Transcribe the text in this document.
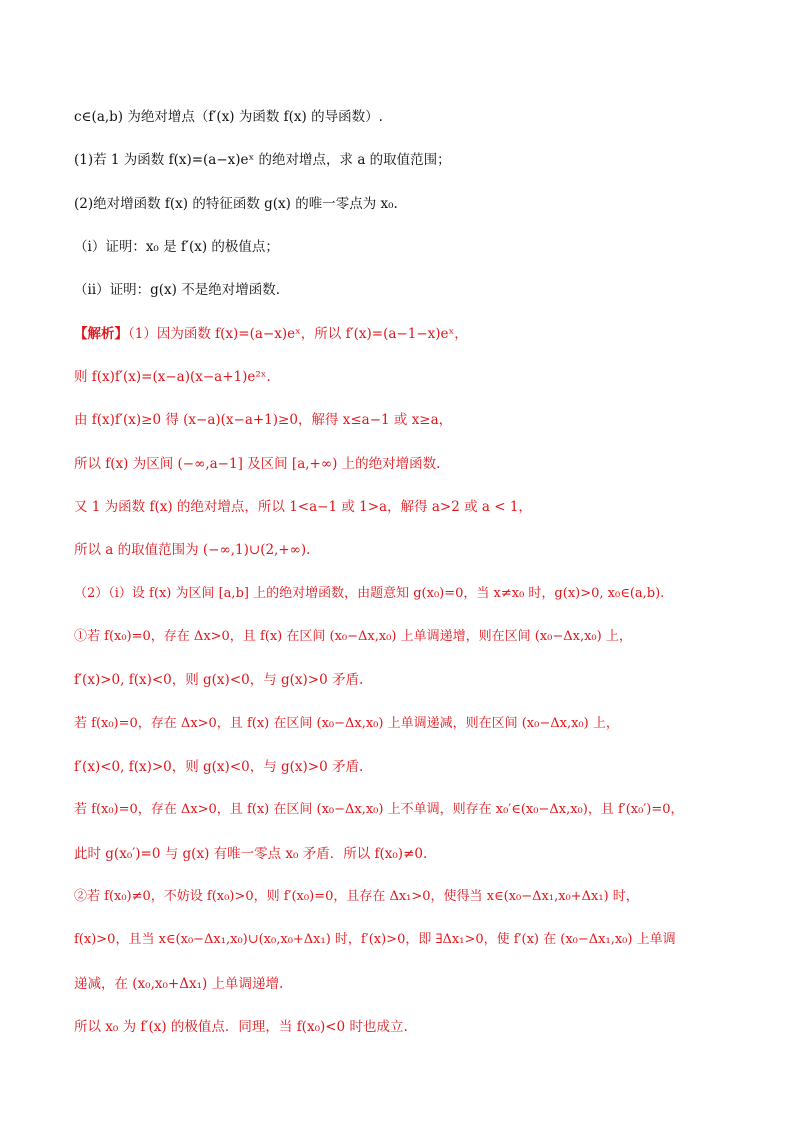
c∈(a,b) 为绝对增点（f′(x) 为函数 f(x) 的导函数）.
(1)若 1 为函数 f(x)=(a−x)eˣ 的绝对增点，求 a 的取值范围；
(2)绝对增函数 f(x) 的特征函数 g(x) 的唯一零点为 x₀.
（ⅰ）证明：x₀ 是 f′(x) 的极值点；
（ⅱ）证明：g(x) 不是绝对增函数.
【解析】（1）因为函数 f(x)=(a−x)eˣ，所以 f′(x)=(a−1−x)eˣ，
则 f(x)f′(x)=(x−a)(x−a+1)e²ˣ.
由 f(x)f′(x)≥0 得 (x−a)(x−a+1)≥0，解得 x≤a−1 或 x≥a，
所以 f(x) 为区间 (−∞,a−1] 及区间 [a,+∞) 上的绝对增函数.
又 1 为函数 f(x) 的绝对增点，所以 1<a−1 或 1>a，解得 a>2 或 a < 1，
所以 a 的取值范围为 (−∞,1)∪(2,+∞).
（2）（ⅰ）设 f(x) 为区间 [a,b] 上的绝对增函数，由题意知 g(x₀)=0，当 x≠x₀ 时，g(x)>0, x₀∈(a,b).
①若 f(x₀)=0，存在 Δx>0，且 f(x) 在区间 (x₀−Δx,x₀) 上单调递增，则在区间 (x₀−Δx,x₀) 上，
f′(x)>0, f(x)<0，则 g(x)<0，与 g(x)>0 矛盾.
若 f(x₀)=0，存在 Δx>0，且 f(x) 在区间 (x₀−Δx,x₀) 上单调递减，则在区间 (x₀−Δx,x₀) 上，
f′(x)<0, f(x)>0，则 g(x)<0，与 g(x)>0 矛盾.
若 f(x₀)=0，存在 Δx>0，且 f(x) 在区间 (x₀−Δx,x₀) 上不单调，则存在 x₀′∈(x₀−Δx,x₀)，且 f′(x₀′)=0，
此时 g(x₀′)=0 与 g(x) 有唯一零点 x₀ 矛盾．所以 f(x₀)≠0.
②若 f(x₀)≠0，不妨设 f(x₀)>0，则 f′(x₀)=0，且存在 Δx₁>0，使得当 x∈(x₀−Δx₁,x₀+Δx₁) 时，
f(x)>0，且当 x∈(x₀−Δx₁,x₀)∪(x₀,x₀+Δx₁) 时，f′(x)>0，即 ∃Δx₁>0，使 f′(x) 在 (x₀−Δx₁,x₀) 上单调
递减，在 (x₀,x₀+Δx₁) 上单调递增.
所以 x₀ 为 f′(x) 的极值点．同理，当 f(x₀)<0 时也成立.
